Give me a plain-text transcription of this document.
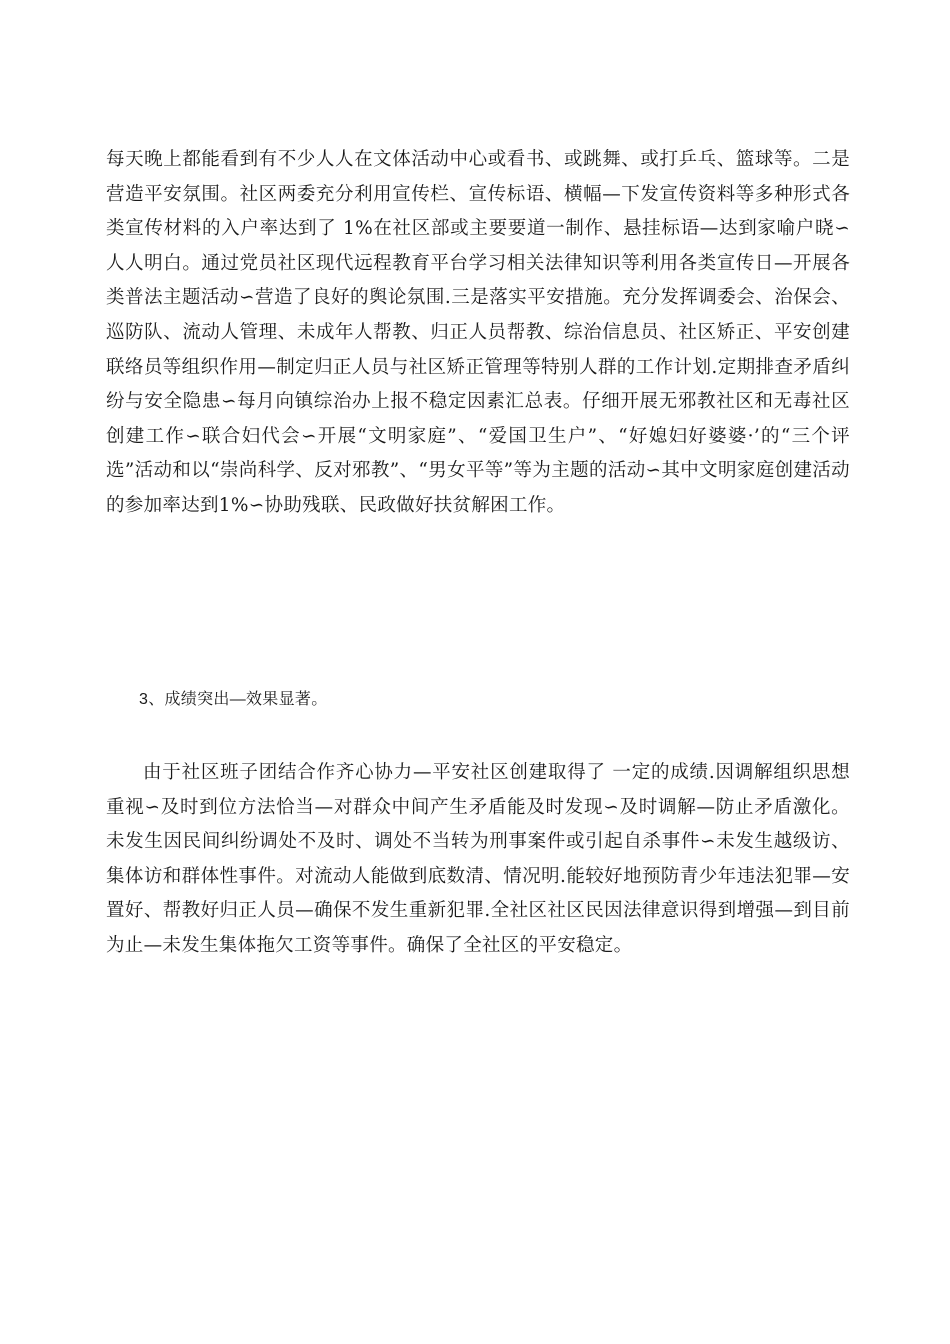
每天晚上都能看到有不少人人在文体活动中心或看书、或跳舞、或打乒乓、篮球等。二是营造平安氛围。社区两委充分利用宣传栏、宣传标语、横幅—下发宣传资料等多种形式各类宣传材料的入户率达到了 1%在社区部或主要要道一制作、悬挂标语—达到家喻户晓∽人人明白。通过党员社区现代远程教育平台学习相关法律知识等利用各类宣传日—开展各类普法主题活动∽营造了良好的舆论氛围.三是落实平安措施。充分发挥调委会、治保会、巡防队、流动人管理、未成年人帮教、归正人员帮教、综治信息员、社区矫正、平安创建联络员等组织作用—制定归正人员与社区矫正管理等特别人群的工作计划.定期排查矛盾纠纷与安全隐患∽每月向镇综治办上报不稳定因素汇总表。仔细开展无邪教社区和无毒社区创建工作∽联合妇代会∽开展“文明家庭”、“爱国卫生户”、“好媳妇好婆婆·’的“三个评选”活动和以“崇尚科学、反对邪教”、“男女平等”等为主题的活动∽其中文明家庭创建活动的参加率达到1%∽协助残联、民政做好扶贫解困工作。

3、成绩突出—效果显著。

由于社区班子团结合作齐心协力—平安社区创建取得了 一定的成绩.因调解组织思想重视∽及时到位方法恰当—对群众中间产生矛盾能及时发现∽及时调解—防止矛盾激化。未发生因民间纠纷调处不及时、调处不当转为刑事案件或引起自杀事件∽未发生越级访、集体访和群体性事件。对流动人能做到底数清、情况明.能较好地预防青少年违法犯罪—安置好、帮教好归正人员—确保不发生重新犯罪.全社区社区民因法律意识得到增强—到目前为止—未发生集体拖欠工资等事件。确保了全社区的平安稳定。
